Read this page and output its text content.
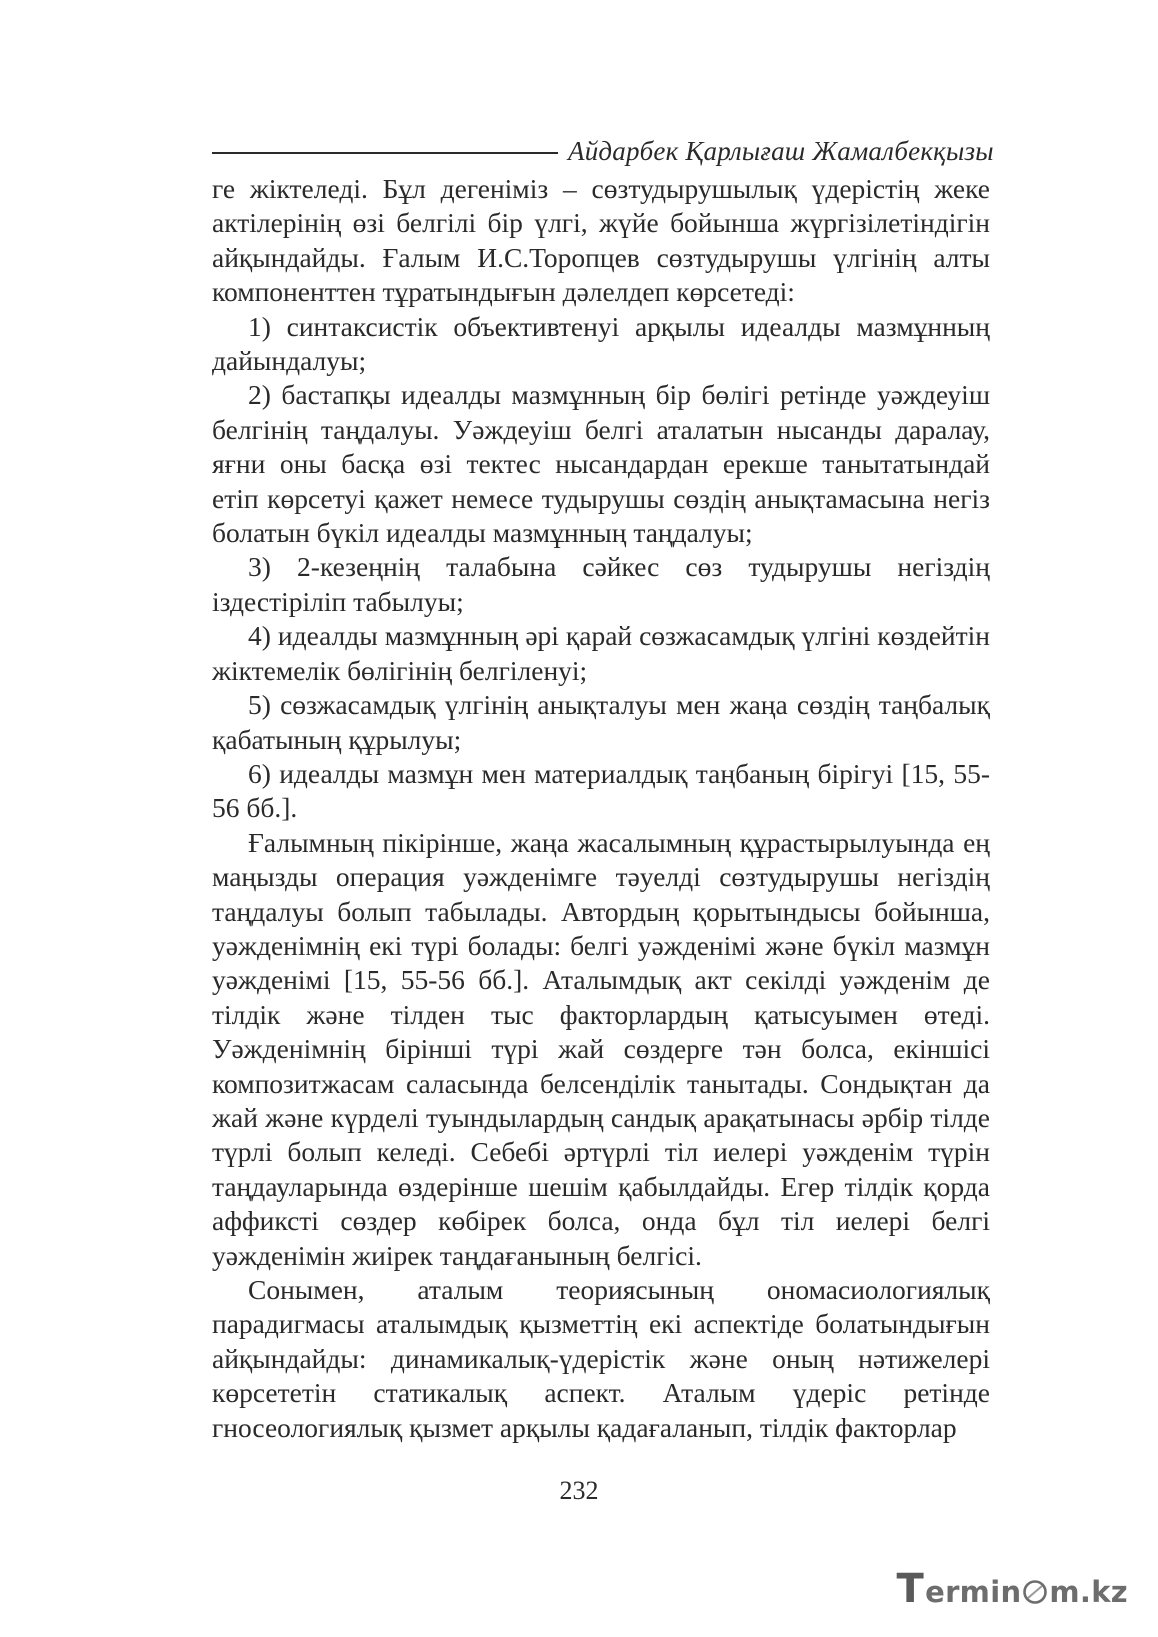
Айдарбек Қарлығаш Жамалбекқызы

ге жіктеледі. Бұл дегеніміз – сөзтудырушылық үдерістің жеке актілерінің өзі белгілі бір үлгі, жүйе бойынша жүргізілетіндігін айқындайды. Ғалым И.С.Торопцев сөзтудырушы үлгінің алты компоненттен тұратындығын дәлелдеп көрсетеді:

1) синтаксистік объективтенуі арқылы идеалды мазмұнның дайындалуы;

2) бастапқы идеалды мазмұнның бір бөлігі ретінде уәждеуіш белгінің таңдалуы. Уәждеуіш белгі аталатын нысанды даралау, яғни оны басқа өзі тектес нысандардан ерекше танытатындай етіп көрсетуі қажет немесе тудырушы сөздің анықтамасына негіз болатын бүкіл идеалды мазмұнның таңдалуы;

3) 2-кезеңнің талабына сәйкес сөз тудырушы негіздің іздестіріліп табылуы;

4) идеалды мазмұнның әрі қарай сөзжасамдық үлгіні көздейтін жіктемелік бөлігінің белгіленуі;

5) сөзжасамдық үлгінің анықталуы мен жаңа сөздің таңбалық қабатының құрылуы;

6) идеалды мазмұн мен материалдық таңбаның бірігуі [15, 55-56 бб.].

Ғалымның пікірінше, жаңа жасалымның құрастырылуында ең маңызды операция уәжденімге тәуелді сөзтудырушы негіздің таңдалуы болып табылады. Автордың қорытындысы бойынша, уәжденімнің екі түрі болады: белгі уәжденімі және бүкіл мазмұн уәжденімі [15, 55-56 бб.]. Аталымдық акт секілді уәжденім де тілдік және тілден тыс факторлардың қатысуымен өтеді. Уәжденімнің бірінші түрі жай сөздерге тән болса, екіншісі композитжасам саласында белсенділік танытады. Сондықтан да жай және күрделі туындылардың сандық арақатынасы әрбір тілде түрлі болып келеді. Себебі әртүрлі тіл иелері уәжденім түрін таңдауларында өздерінше шешім қабылдайды. Егер тілдік қорда аффиксті сөздер көбірек болса, онда бұл тіл иелері белгі уәжденімін жиірек таңдағанының белгісі.

Сонымен, аталым теориясының ономасиологиялық парадигмасы аталымдық қызметтің екі аспектіде болатындығын айқындайды: динамикалық-үдерістік және оның нәтижелері көрсететін статикалық аспект. Аталым үдеріс ретінде гносеологиялық қызмет арқылы қадағаланып, тілдік факторлар

232
T ermin m.kz
